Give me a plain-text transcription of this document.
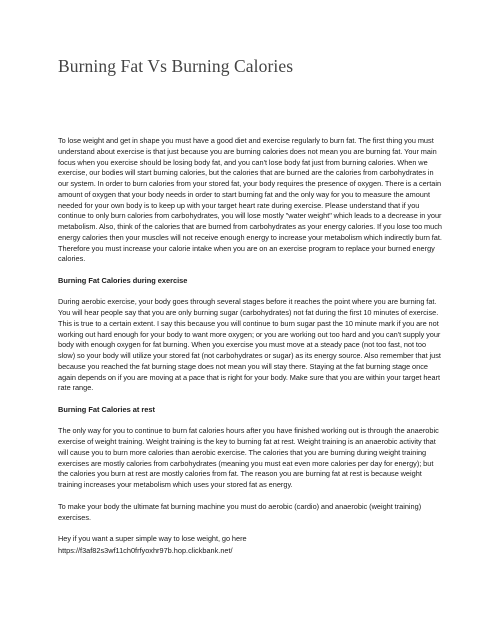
Burning Fat Vs Burning Calories

To lose weight and get in shape you must have a good diet and exercise regularly to burn fat. The first thing you must understand about exercise is that just because you are burning calories does not mean you are burning fat. Your main focus when you exercise should be losing body fat, and you can't lose body fat just from burning calories. When we exercise, our bodies will start burning calories, but the calories that are burned are the calories from carbohydrates in our system. In order to burn calories from your stored fat, your body requires the presence of oxygen. There is a certain amount of oxygen that your body needs in order to start burning fat and the only way for you to measure the amount needed for your own body is to keep up with your target heart rate during exercise. Please understand that if you continue to only burn calories from carbohydrates, you will lose mostly "water weight" which leads to a decrease in your metabolism. Also, think of the calories that are burned from carbohydrates as your energy calories. If you lose too much energy calories then your muscles will not receive enough energy to increase your metabolism which indirectly burn fat. Therefore you must increase your calorie intake when you are on an exercise program to replace your burned energy calories.

Burning Fat Calories during exercise

During aerobic exercise, your body goes through several stages before it reaches the point where you are burning fat. You will hear people say that you are only burning sugar (carbohydrates) not fat during the first 10 minutes of exercise. This is true to a certain extent. I say this because you will continue to burn sugar past the 10 minute mark if you are not working out hard enough for your body to want more oxygen; or you are working out too hard and you can't supply your body with enough oxygen for fat burning. When you exercise you must move at a steady pace (not too fast, not too slow) so your body will utilize your stored fat (not carbohydrates or sugar) as its energy source. Also remember that just because you reached the fat burning stage does not mean you will stay there. Staying at the fat burning stage once again depends on if you are moving at a pace that is right for your body. Make sure that you are within your target heart rate range.

Burning Fat Calories at rest

The only way for you to continue to burn fat calories hours after you have finished working out is through the anaerobic exercise of weight training. Weight training is the key to burning fat at rest. Weight training is an anaerobic activity that will cause you to burn more calories than aerobic exercise. The calories that you are burning during weight training exercises are mostly calories from carbohydrates (meaning you must eat even more calories per day for energy); but the calories you burn at rest are mostly calories from fat. The reason you are burning fat at rest is because weight training increases your metabolism which uses your stored fat as energy.

To make your body the ultimate fat burning machine you must do aerobic (cardio) and anaerobic (weight training) exercises.

Hey if you want a super simple way to lose weight, go here

https://f3af82s3wf11ch0frfyoxhr97b.hop.clickbank.net/
